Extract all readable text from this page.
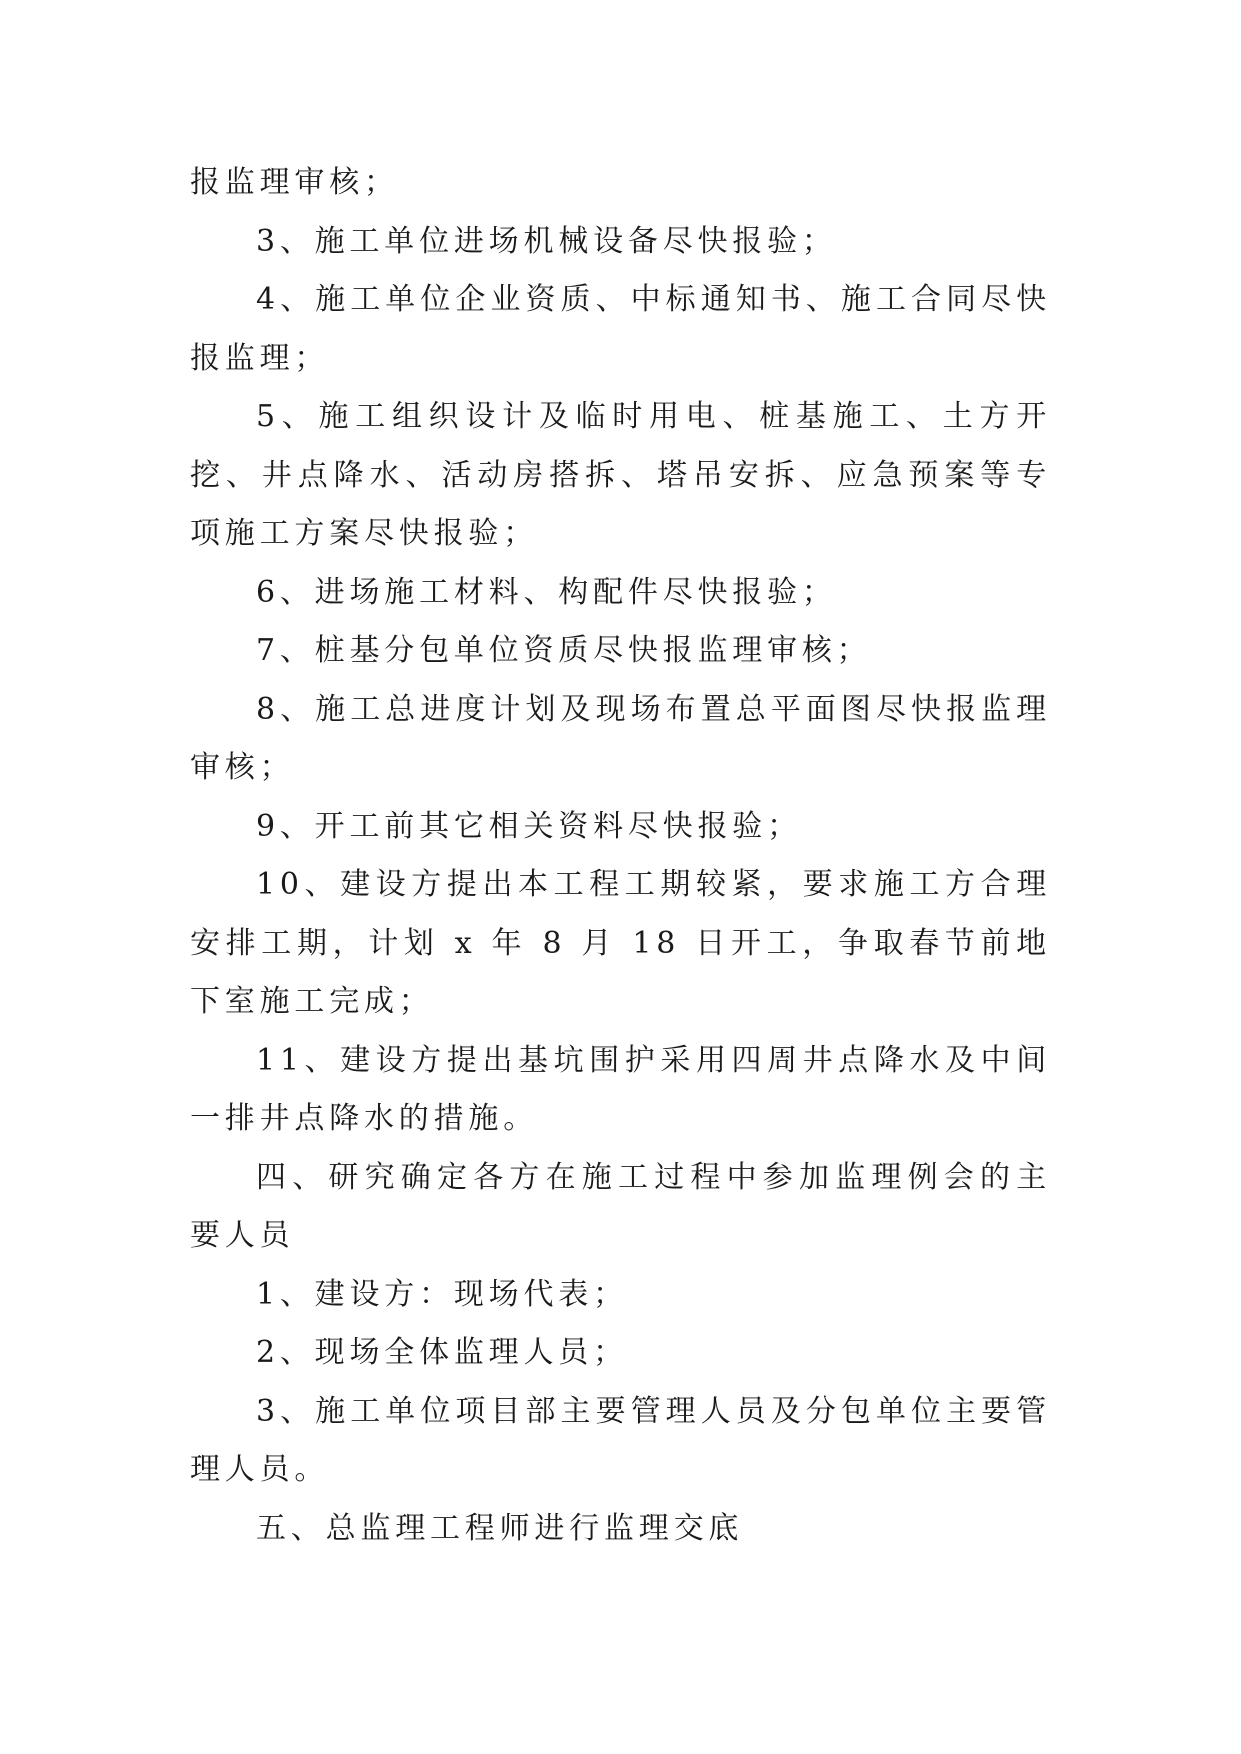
报监理审核；

3、施工单位进场机械设备尽快报验；

4、施工单位企业资质、中标通知书、施工合同尽快报监理；

5、施工组织设计及临时用电、桩基施工、土方开挖、井点降水、活动房搭拆、塔吊安拆、应急预案等专项施工方案尽快报验；

6、进场施工材料、构配件尽快报验；

7、桩基分包单位资质尽快报监理审核；

8、施工总进度计划及现场布置总平面图尽快报监理审核；

9、开工前其它相关资料尽快报验；

10、建设方提出本工程工期较紧，要求施工方合理安排工期，计划 x 年 8 月 18 日开工，争取春节前地下室施工完成；

11、建设方提出基坑围护采用四周井点降水及中间一排井点降水的措施。

四、研究确定各方在施工过程中参加监理例会的主要人员

1、建设方：现场代表；

2、现场全体监理人员；

3、施工单位项目部主要管理人员及分包单位主要管理人员。

五、总监理工程师进行监理交底
